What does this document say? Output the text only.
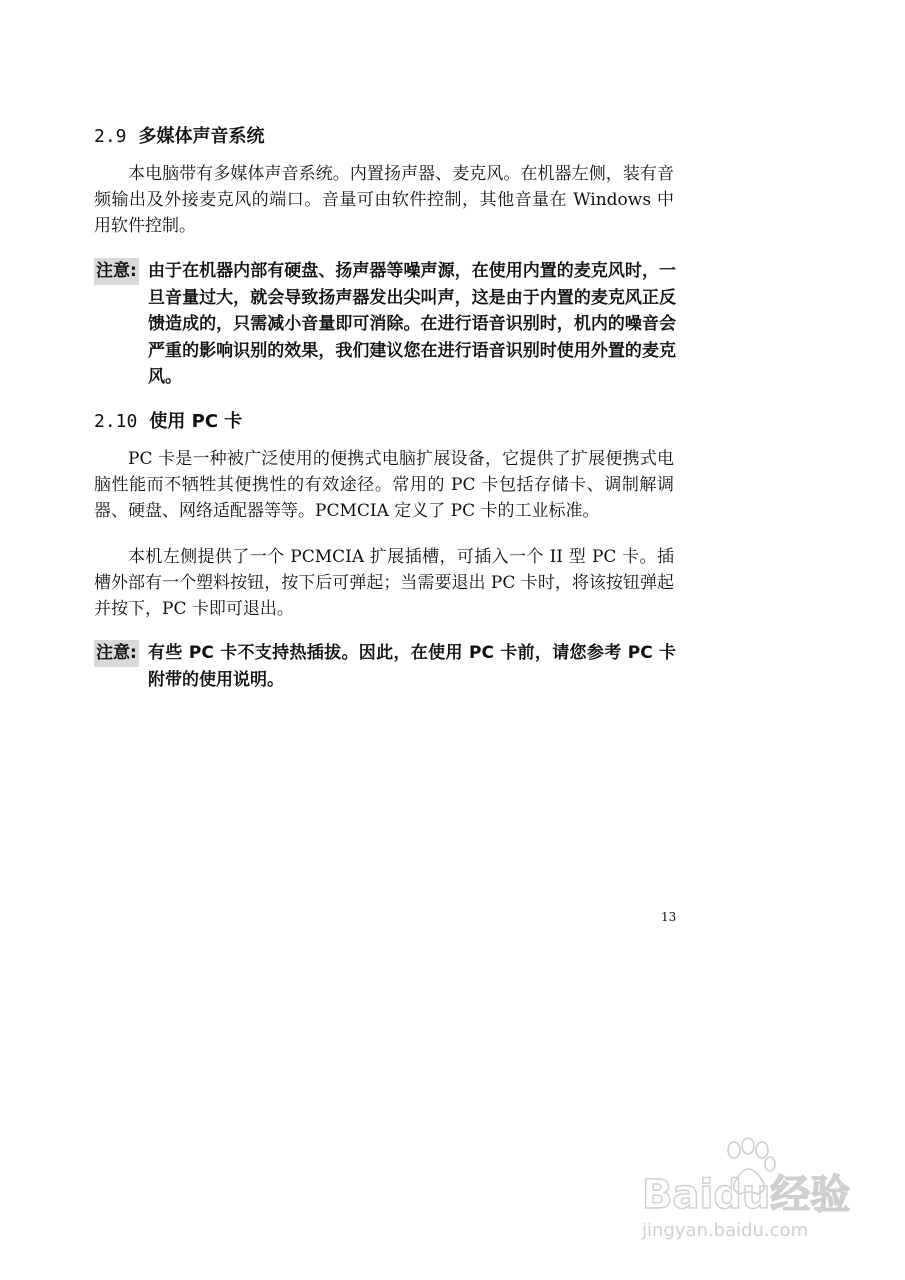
2.9 多媒体声音系统
本电脑带有多媒体声音系统。内置扬声器、麦克风。在机器左侧，装有音频输出及外接麦克风的端口。音量可由软件控制，其他音量在 Windows 中用软件控制。
注意: 由于在机器内部有硬盘、扬声器等噪声源，在使用内置的麦克风时，一旦音量过大，就会导致扬声器发出尖叫声，这是由于内置的麦克风正反馈造成的，只需减小音量即可消除。在进行语音识别时，机内的噪音会严重的影响识别的效果，我们建议您在进行语音识别时使用外置的麦克风。
2.10 使用 PC 卡
PC 卡是一种被广泛使用的便携式电脑扩展设备，它提供了扩展便携式电脑性能而不牺牲其便携性的有效途径。常用的 PC 卡包括存储卡、调制解调器、硬盘、网络适配器等等。PCMCIA 定义了 PC 卡的工业标准。
本机左侧提供了一个 PCMCIA 扩展插槽，可插入一个 II 型 PC 卡。插槽外部有一个塑料按钮，按下后可弹起；当需要退出 PC 卡时，将该按钮弹起并按下，PC 卡即可退出。
注意: 有些 PC 卡不支持热插拔。因此，在使用 PC 卡前，请您参考 PC 卡附带的使用说明。
13
Baidu经验
jingyan.baidu.com
